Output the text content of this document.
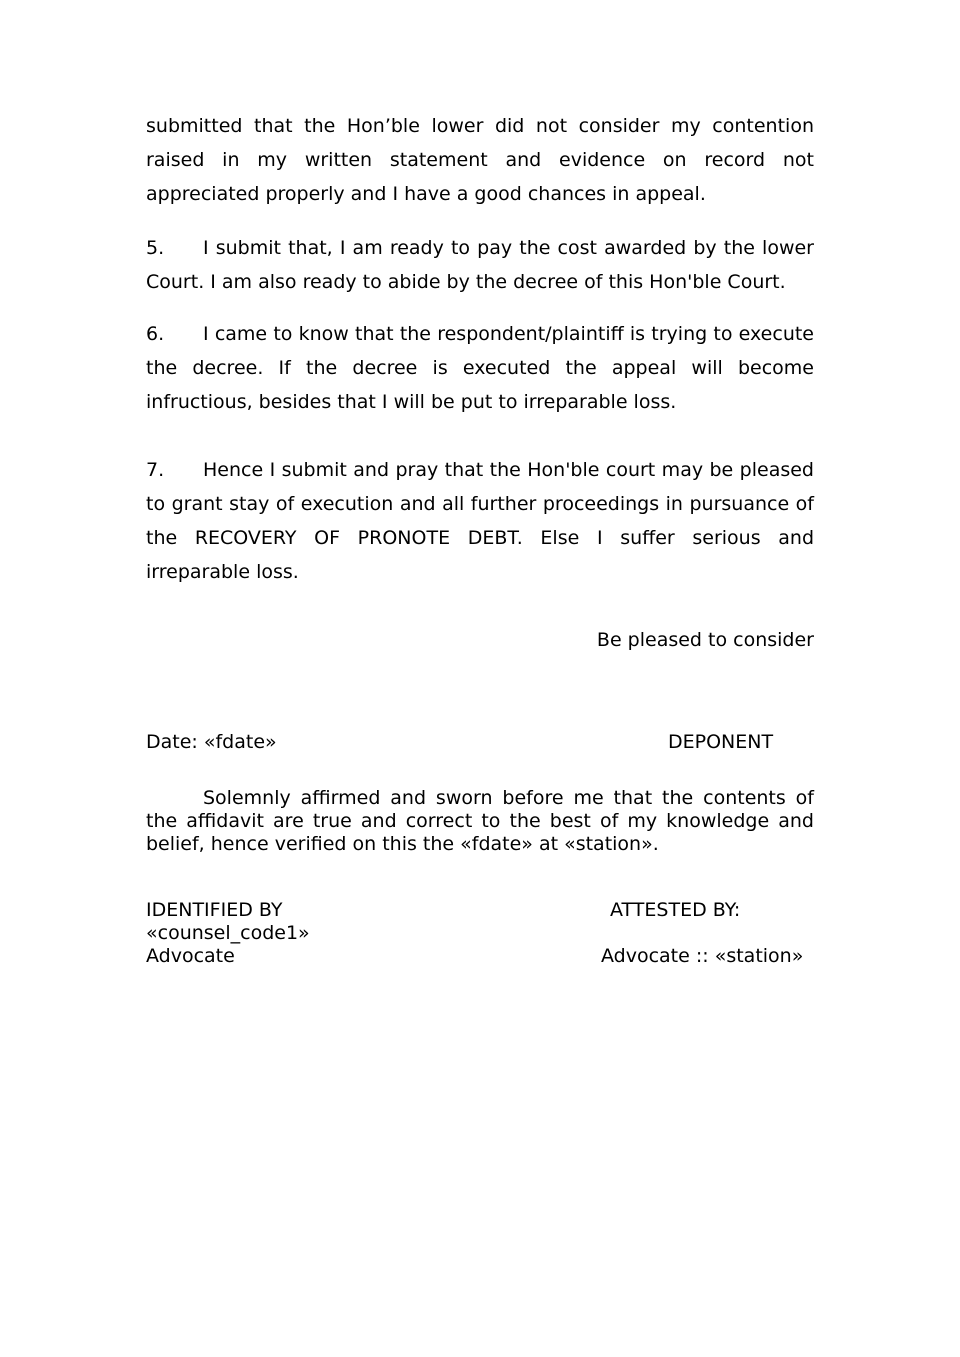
submitted that the Hon’ble lower did not consider my contention raised in my written statement and evidence on record not appreciated properly and I have a good chances in appeal.

5. I submit that, I am ready to pay the cost awarded by the lower Court. I am also ready to abide by the decree of this Hon'ble Court.

6. I came to know that the respondent/plaintiff is trying to execute the decree. If the decree is executed the appeal will become infructious, besides that I will be put to irreparable loss.

7. Hence I submit and pray that the Hon'ble court may be pleased to grant stay of execution and all further proceedings in pursuance of the RECOVERY OF PRONOTE DEBT. Else I suffer serious and irreparable loss.

Be pleased to consider
Date: «fdate»	DEPONENT

Solemnly affirmed and sworn before me that the contents of the affidavit are true and correct to the best of my knowledge and belief, hence verified on this the «fdate» at «station».

IDENTIFIED BY
«counsel_code1»
Advocate
ATTESTED BY:
Advocate :: «station»
